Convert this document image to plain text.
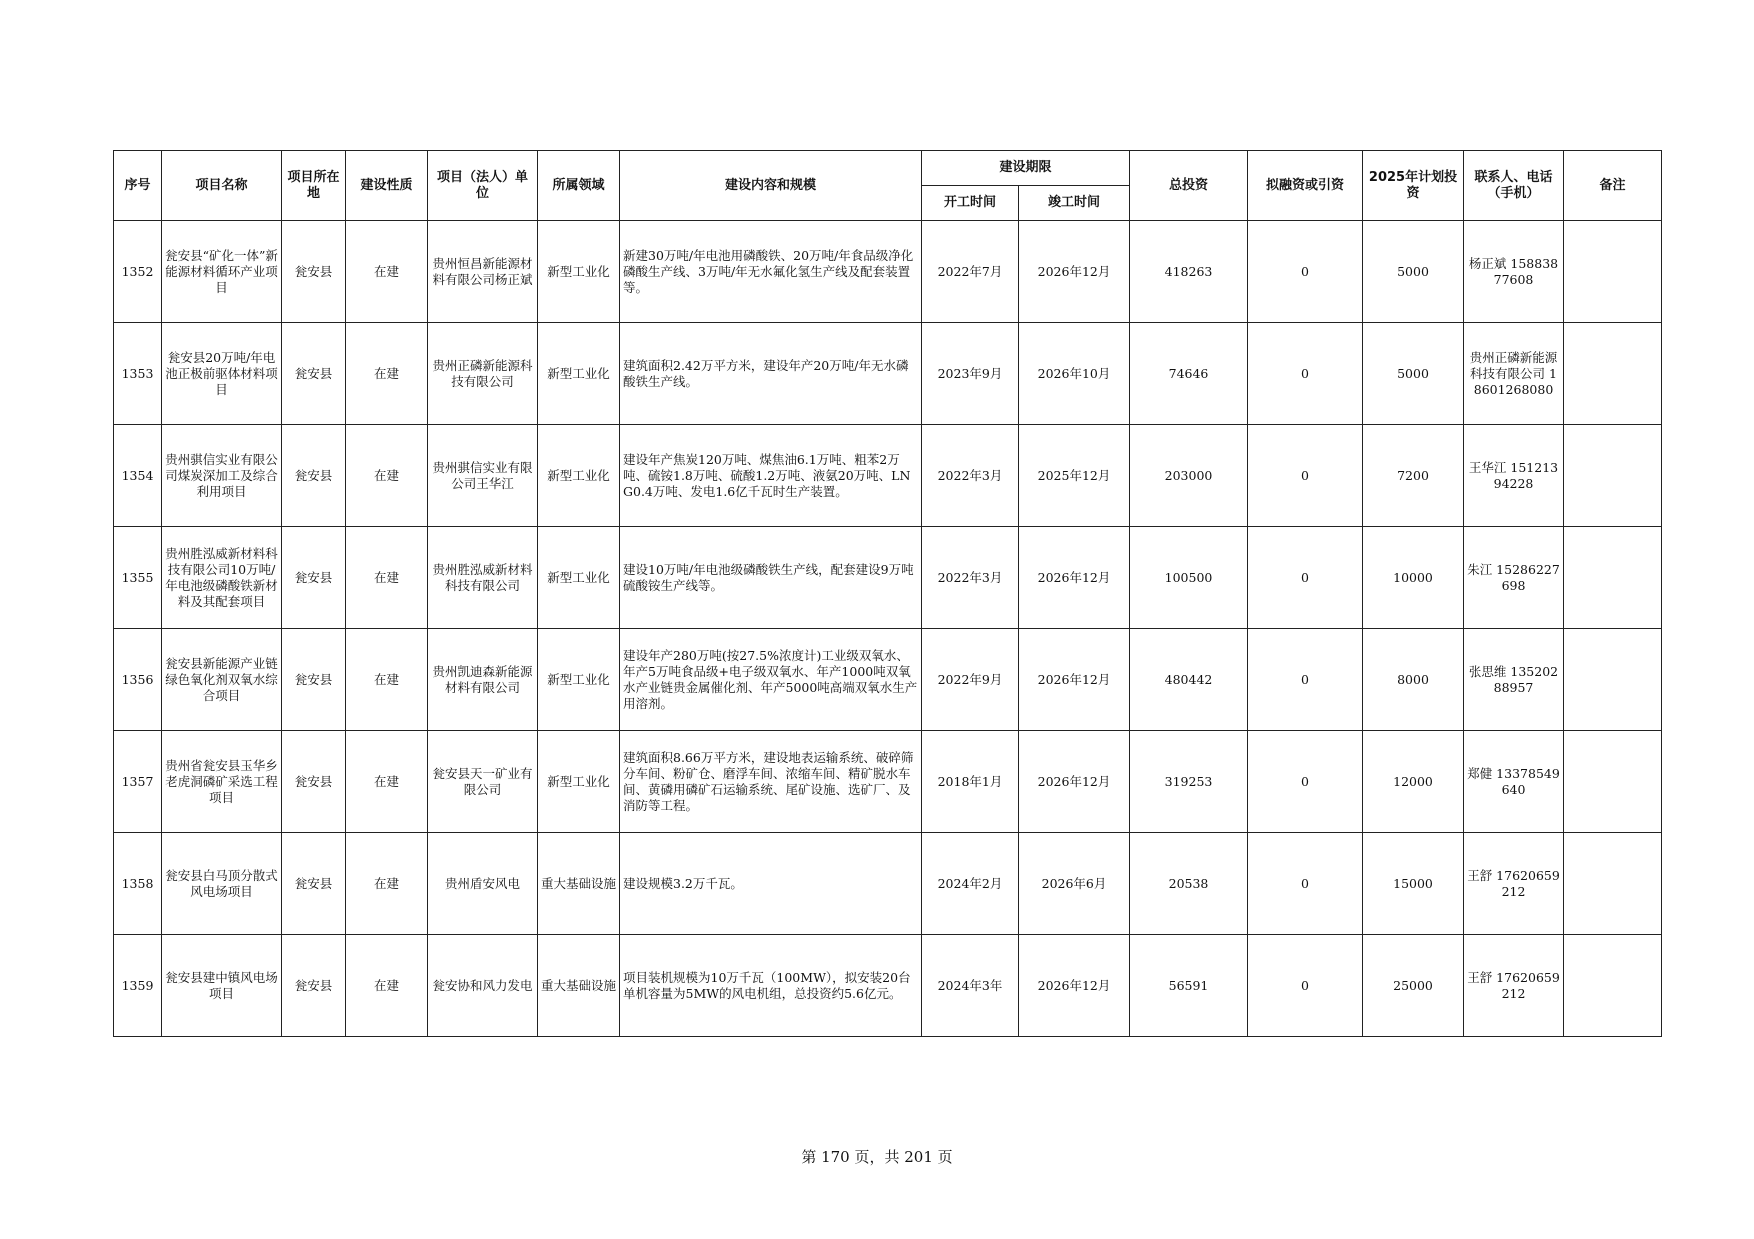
序号	项目名称	项目所在地	建设性质	项目（法人）单位	所属领域	建设内容和规模	建设期限		总投资	拟融资或引资	2025年计划投资	联系人、电话（手机）	备注
							开工时间	竣工时间					
1352	瓮安县“矿化一体”新能源材料循环产业项目	瓮安县	在建	贵州恒昌新能源材料有限公司杨正斌	新型工业化	新建30万吨/年电池用磷酸铁、20万吨/年食品级净化磷酸生产线、3万吨/年无水氟化氢生产线及配套装置等。	2022年7月	2026年12月	418263	0	5000	杨正斌 15883877608	
1353	瓮安县20万吨/年电池正极前驱体材料项目	瓮安县	在建	贵州正磷新能源科技有限公司	新型工业化	建筑面积2.42万平方米，建设年产20万吨/年无水磷酸铁生产线。	2023年9月	2026年10月	74646	0	5000	贵州正磷新能源科技有限公司 18601268080	
1354	贵州骐信实业有限公司煤炭深加工及综合利用项目	瓮安县	在建	贵州骐信实业有限公司王华江	新型工业化	建设年产焦炭120万吨、煤焦油6.1万吨、粗苯2万吨、硫铵1.8万吨、硫酸1.2万吨、液氨20万吨、LNG0.4万吨、发电1.6亿千瓦时生产装置。	2022年3月	2025年12月	203000	0	7200	王华江 15121394228	
1355	贵州胜泓威新材料科技有限公司10万吨/年电池级磷酸铁新材料及其配套项目	瓮安县	在建	贵州胜泓威新材料科技有限公司	新型工业化	建设10万吨/年电池级磷酸铁生产线，配套建设9万吨硫酸铵生产线等。	2022年3月	2026年12月	100500	0	10000	朱江 15286227698	
1356	瓮安县新能源产业链绿色氧化剂双氧水综合项目	瓮安县	在建	贵州凯迪森新能源材料有限公司	新型工业化	建设年产280万吨(按27.5%浓度计)工业级双氧水、年产5万吨食品级+电子级双氧水、年产1000吨双氧水产业链贵金属催化剂、年产5000吨高端双氧水生产用溶剂。	2022年9月	2026年12月	480442	0	8000	张思维 13520288957	
1357	贵州省瓮安县玉华乡老虎洞磷矿采选工程项目	瓮安县	在建	瓮安县天一矿业有限公司	新型工业化	建筑面积8.66万平方米，建设地表运输系统、破碎筛分车间、粉矿仓、磨浮车间、浓缩车间、精矿脱水车间、黄磷用磷矿石运输系统、尾矿设施、选矿厂、及消防等工程。	2018年1月	2026年12月	319253	0	12000	郑健 13378549640	
1358	瓮安县白马顶分散式风电场项目	瓮安县	在建	贵州盾安风电	重大基础设施	建设规模3.2万千瓦。	2024年2月	2026年6月	20538	0	15000	王舒 17620659212	
1359	瓮安县建中镇风电场项目	瓮安县	在建	瓮安协和风力发电	重大基础设施	项目装机规模为10万千瓦（100MW），拟安装20台单机容量为5MW的风电机组，总投资约5.6亿元。	2024年3年	2026年12月	56591	0	25000	王舒 17620659212	
第 170 页，共 201 页
